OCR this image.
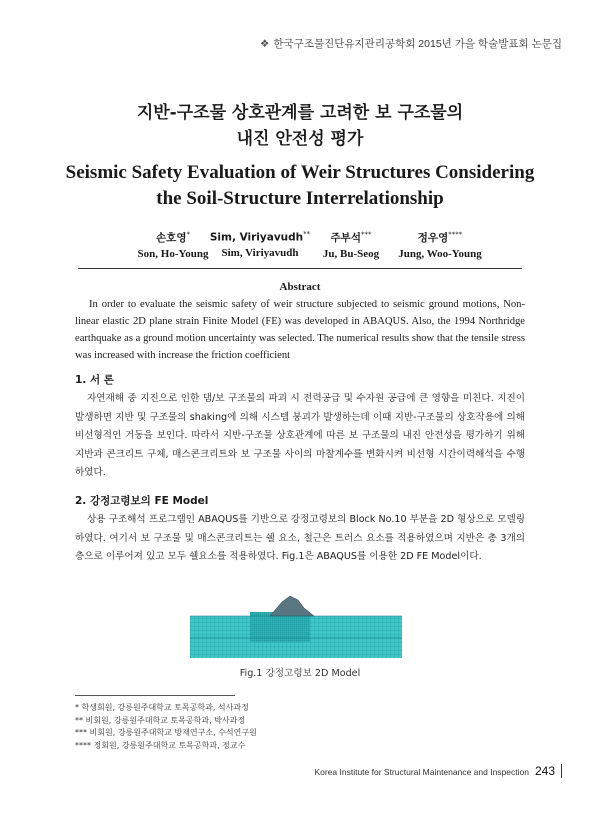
❖ 한국구조물진단유지관리공학회 2015년 가을 학술발표회 논문집
지반-구조물 상호관계를 고려한 보 구조물의
내진 안전성 평가
Seismic Safety Evaluation of Weir Structures Considering
the Soil-Structure Interrelationship
손호영*
Son, Ho-Young
Sim, Viriyavudh**
Sim, Viriyavudh
주부석***
Ju, Bu-Seog
정우영****
Jung, Woo-Young
Abstract
In order to evaluate the seismic safety of weir structure subjected to seismic ground motions, Non-linear elastic 2D plane strain Finite Model (FE) was developed in ABAQUS. Also, the 1994 Northridge earthquake as a ground motion uncertainty was selected. The numerical results show that the tensile stress was increased with increase the friction coefficient
1. 서 론
자연재해 중 지진으로 인한 댐/보 구조물의 파괴 시 전력공급 및 수자원 공급에 큰 영향을 미친다. 지진이 발생하면 지반 및 구조물의 shaking에 의해 시스템 붕괴가 발생하는데 이때 지반-구조물의 상호작용에 의해 비선형적인 거동을 보인다. 따라서 지반-구조물 상호관계에 따른 보 구조물의 내진 안전성을 평가하기 위해 지반과 콘크리트 구체, 매스콘크리트와 보 구조물 사이의 마찰계수를 변화시켜 비선형 시간이력해석을 수행하였다.
2. 강정고령보의 FE Model
상용 구조해석 프로그램인 ABAQUS를 기반으로 강정고령보의 Block No.10 부분을 2D 형상으로 모델링 하였다. 여기서 보 구조물 및 매스콘크리트는 쉘 요소, 철근은 트러스 요소를 적용하였으며 지반은 총 3개의 층으로 이루어져 있고 모두 쉘요소를 적용하였다. Fig.1은 ABAQUS를 이용한 2D FE Model이다.
Fig.1 강정고령보 2D Model
* 학생회원, 강릉원주대학교 토목공학과, 석사과정
** 비회원, 강릉원주대학교 토목공학과, 박사과정
*** 비회원, 강릉원주대학교 방재연구소, 수석연구원
**** 정회원, 강릉원주대학교 토목공학과, 정교수
Korea Institute for Structural Maintenance and Inspection 243
